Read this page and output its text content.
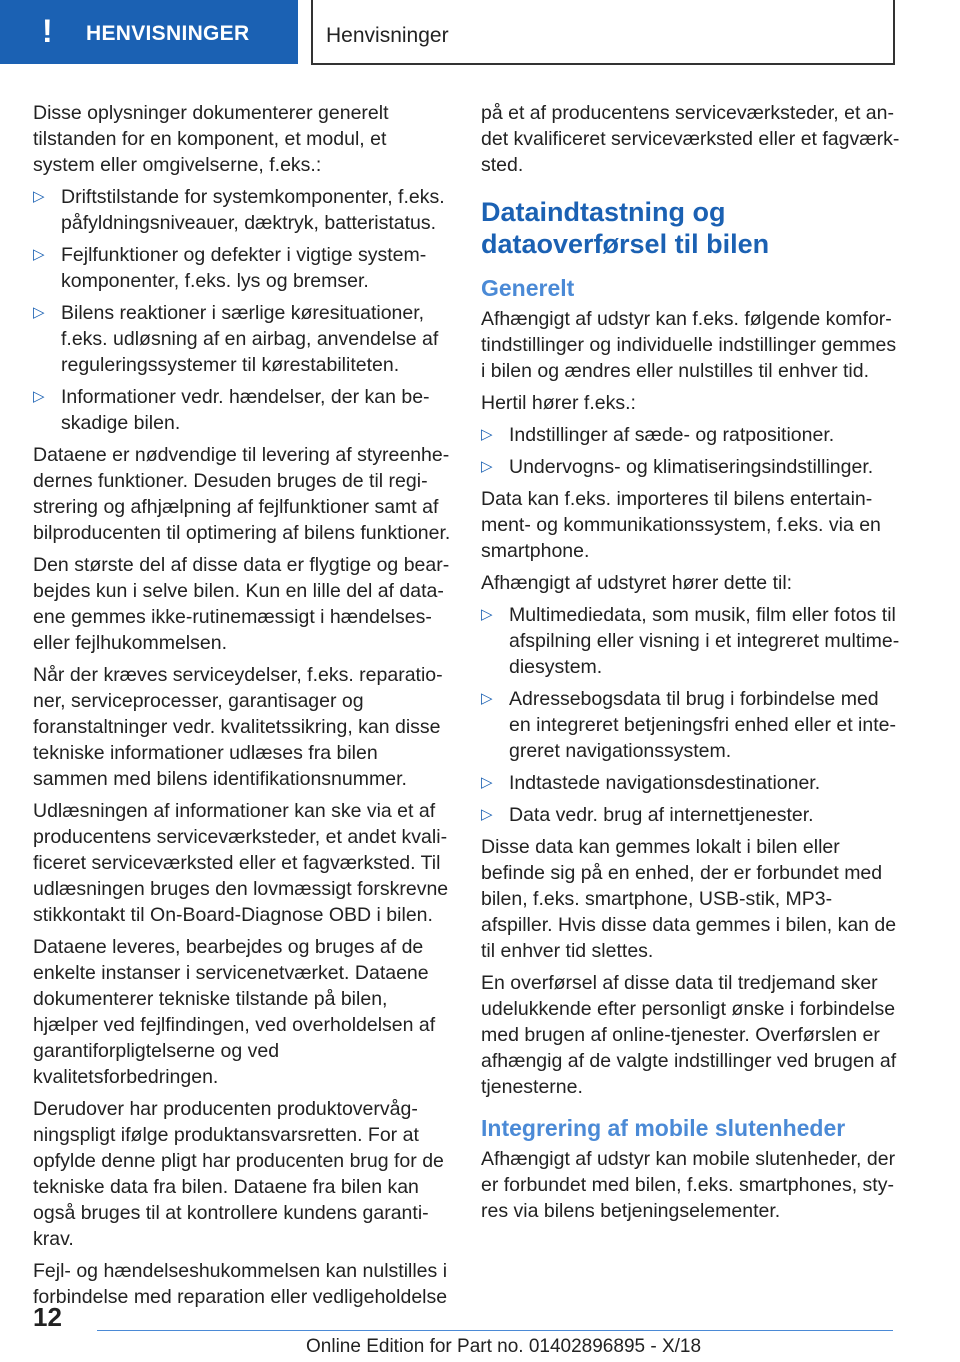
! HENVISNINGER	Henvisninger

Disse oplysninger dokumenterer generelt tilstanden for en komponent, et modul, et system eller omgivelserne, f.eks.:

▷ Driftstilstande for systemkomponenter, f.eks. påfyldningsniveauer, dæktryk, batteristatus.
▷ Fejlfunktioner og defekter i vigtige systemkomponenter, f.eks. lys og bremser.
▷ Bilens reaktioner i særlige køresituationer, f.eks. udløsning af en airbag, anvendelse af reguleringssystemer til kørestabiliteten.
▷ Informationer vedr. hændelser, der kan beskadige bilen.

Dataene er nødvendige til levering af styreenhedernes funktioner. Desuden bruges de til registrering og afhjælpning af fejlfunktioner samt af bilproducenten til optimering af bilens funktioner.

Den største del af disse data er flygtige og bearbejdes kun i selve bilen. Kun en lille del af dataene gemmes ikke-rutinemæssigt i hændelses- eller fejlhukommelsen.

Når der kræves serviceydelser, f.eks. reparationer, serviceprocesser, garantisager og foranstaltninger vedr. kvalitetssikring, kan disse tekniske informationer udlæses fra bilen sammen med bilens identifikationsnummer.

Udlæsningen af informationer kan ske via et af producentens serviceværksteder, et andet kvalificeret serviceværksted eller et fagværksted. Til udlæsningen bruges den lovmæssigt forskrevne stikkontakt til On-Board-Diagnose OBD i bilen.

Dataene leveres, bearbejdes og bruges af de enkelte instanser i servicenetværket. Dataene dokumenterer tekniske tilstande på bilen, hjælper ved fejlfindingen, ved overholdelsen af garantiforpligtelserne og ved kvalitetsforbedringen.

Derudover har producenten produktovervågningspligt ifølge produktansvarsretten. For at opfylde denne pligt har producenten brug for de tekniske data fra bilen. Dataene fra bilen kan også bruges til at kontrollere kundens garantikrav.

Fejl- og hændelseshukommelsen kan nulstilles i forbindelse med reparation eller vedligeholdelse

på et af producentens serviceværksteder, et andet kvalificeret serviceværksted eller et fagværksted.

Dataindtastning og dataoverførsel til bilen
Generelt

Afhængigt af udstyr kan f.eks. følgende komfortindstillinger og individuelle indstillinger gemmes i bilen og ændres eller nulstilles til enhver tid.

Hertil hører f.eks.:

▷ Indstillinger af sæde- og ratpositioner.
▷ Undervogns- og klimatiseringsindstillinger.

Data kan f.eks. importeres til bilens entertainment- og kommunikationssystem, f.eks. via en smartphone.

Afhængigt af udstyret hører dette til:

▷ Multimediedata, som musik, film eller fotos til afspilning eller visning i et integreret multimediesystem.
▷ Adressebogsdata til brug i forbindelse med en integreret betjeningsfri enhed eller et integreret navigationssystem.
▷ Indtastede navigationsdestinationer.
▷ Data vedr. brug af internettjenester.

Disse data kan gemmes lokalt i bilen eller befinde sig på en enhed, der er forbundet med bilen, f.eks. smartphone, USB-stik, MP3-afspiller. Hvis disse data gemmes i bilen, kan de til enhver tid slettes.

En overførsel af disse data til tredjemand sker udelukkende efter personligt ønske i forbindelse med brugen af online-tjenester. Overførslen er afhængig af de valgte indstillinger ved brugen af tjenesterne.

Integrering af mobile slutenheder

Afhængigt af udstyr kan mobile slutenheder, der er forbundet med bilen, f.eks. smartphones, styres via bilens betjeningselementer.

12
Online Edition for Part no. 01402896895 - X/18
